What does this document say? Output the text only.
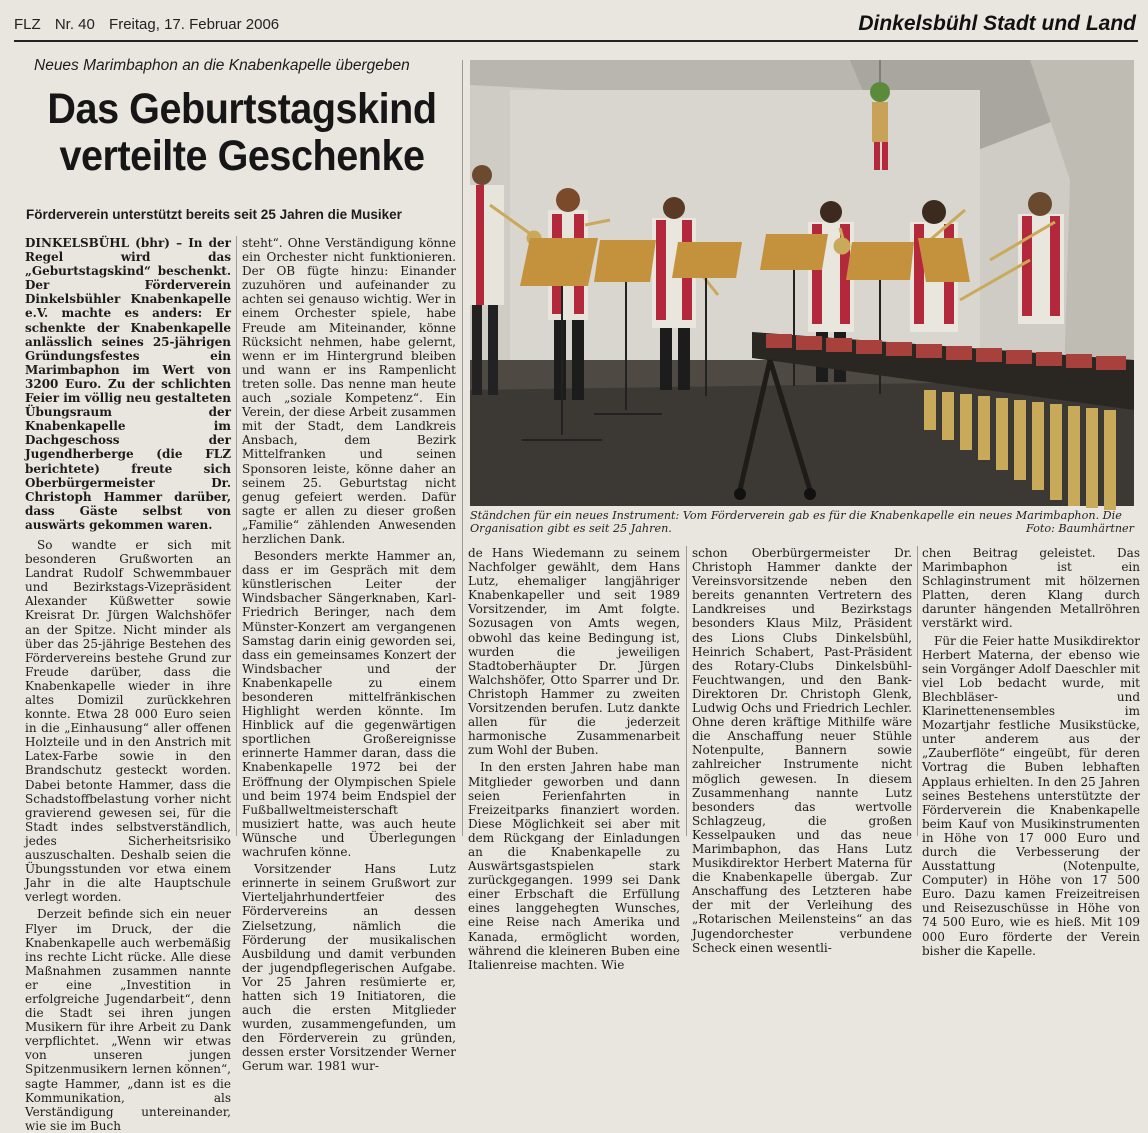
FLZ Nr. 40 Freitag, 17. Februar 2006	Dinkelsbühl Stadt und Land
Neues Marimbaphon an die Knabenkapelle übergeben
Das Geburtstagskind
verteilte Geschenke
Förderverein unterstützt bereits seit 25 Jahren die Musiker

DINKELSBÜHL (bhr) – In der Regel wird das „Geburtstagskind“ beschenkt. Der Förderverein Dinkelsbühler Knabenkapelle e.V. machte es anders: Er schenkte der Knabenkapelle anlässlich seines 25-jährigen Gründungsfestes ein Marimbaphon im Wert von 3200 Euro. Zu der schlichten Feier im völlig neu gestalteten Übungsraum der Knabenkapelle im Dachgeschoss der Jugendherberge (die FLZ berichtete) freute sich Oberbürgermeister Dr. Christoph Hammer darüber, dass Gäste selbst von auswärts gekommen waren.

So wandte er sich mit besonderen Grußworten an Landrat Rudolf Schwemmbauer und Bezirkstags-Vizepräsident Alexander Küßwetter sowie Kreisrat Dr. Jürgen Walchshöfer an der Spitze. Nicht minder als über das 25-jährige Bestehen des Fördervereins bestehe Grund zur Freude darüber, dass die Knabenkapelle wieder in ihre altes Domizil zurückkehren konnte. Etwa 28 000 Euro seien in die „Einhausung“ aller offenen Holzteile und in den Anstrich mit Latex-Farbe sowie in den Brandschutz gesteckt worden. Dabei betonte Hammer, dass die Schadstoffbelastung vorher nicht gravierend gewesen sei, für die Stadt indes selbstverständlich, jedes Sicherheitsrisiko auszuschalten. Deshalb seien die Übungsstunden vor etwa einem Jahr in die alte Hauptschule verlegt worden.

Derzeit befinde sich ein neuer Flyer im Druck, der die Knabenkapelle auch werbemäßig ins rechte Licht rücke. Alle diese Maßnahmen zusammen nannte er eine „Investition in erfolgreiche Jugendarbeit“, denn die Stadt sei ihren jungen Musikern für ihre Arbeit zu Dank verpflichtet. „Wenn wir etwas von unseren jungen Spitzenmusikern lernen können“, sagte Hammer, „dann ist es die Kommunikation, als Verständigung untereinander, wie sie im Buch

steht“. Ohne Verständigung könne ein Orchester nicht funktionieren. Der OB fügte hinzu: Einander zuzuhören und aufeinander zu achten sei genauso wichtig. Wer in einem Orchester spiele, habe Freude am Miteinander, könne Rücksicht nehmen, habe gelernt, wenn er im Hintergrund bleiben und wann er ins Rampenlicht treten solle. Das nenne man heute auch „soziale Kompetenz“. Ein Verein, der diese Arbeit zusammen mit der Stadt, dem Landkreis Ansbach, dem Bezirk Mittelfranken und seinen Sponsoren leiste, könne daher an seinem 25. Geburtstag nicht genug gefeiert werden. Dafür sagte er allen zu dieser großen „Familie“ zählenden Anwesenden herzlichen Dank.

Besonders merkte Hammer an, dass er im Gespräch mit dem künstlerischen Leiter der Windsbacher Sängerknaben, Karl-Friedrich Beringer, nach dem Münster-Konzert am vergangenen Samstag darin einig geworden sei, dass ein gemeinsames Konzert der Windsbacher und der Knabenkapelle zu einem besonderen mittelfränkischen Highlight werden könnte. Im Hinblick auf die gegenwärtigen sportlichen Großereignisse erinnerte Hammer daran, dass die Knabenkapelle 1972 bei der Eröffnung der Olympischen Spiele und beim 1974 beim Endspiel der Fußballweltmeisterschaft musiziert hatte, was auch heute Wünsche und Überlegungen wachrufen könne.

Vorsitzender Hans Lutz erinnerte in seinem Grußwort zur Vierteljahrhundertfeier des Fördervereins an dessen Zielsetzung, nämlich die Förderung der musikalischen Ausbildung und damit verbunden der jugendpflegerischen Aufgabe. Vor 25 Jahren resümierte er, hatten sich 19 Initiatoren, die auch die ersten Mitglieder wurden, zusammengefunden, um den Förderverein zu gründen, dessen erster Vorsitzender Werner Gerum war. 1981 wur-

Ständchen für ein neues Instrument: Vom Förderverein gab es für die Knabenkapelle ein neues Marimbaphon. Die Organisation gibt es seit 25 Jahren.	Foto: Baumhärtner

de Hans Wiedemann zu seinem Nachfolger gewählt, dem Hans Lutz, ehemaliger langjähriger Knabenkapeller und seit 1989 Vorsitzender, im Amt folgte. Sozusagen von Amts wegen, obwohl das keine Bedingung ist, wurden die jeweiligen Stadtoberhäupter Dr. Jürgen Walchshöfer, Otto Sparrer und Dr. Christoph Hammer zu zweiten Vorsitzenden berufen. Lutz dankte allen für die jederzeit harmonische Zusammenarbeit zum Wohl der Buben.

In den ersten Jahren habe man Mitglieder geworben und dann seien Ferienfahrten in Freizeitparks finanziert worden. Diese Möglichkeit sei aber mit dem Rückgang der Einladungen an die Knabenkapelle zu Auswärtsgastspielen stark zurückgegangen. 1999 sei Dank einer Erbschaft die Erfüllung eines langgehegten Wunsches, eine Reise nach Amerika und Kanada, ermöglicht worden, während die kleineren Buben eine Italienreise machten. Wie

schon Oberbürgermeister Dr. Christoph Hammer dankte der Vereinsvorsitzende neben den bereits genannten Vertretern des Landkreises und Bezirkstags besonders Klaus Milz, Präsident des Lions Clubs Dinkelsbühl, Heinrich Schabert, Past-Präsident des Rotary-Clubs Dinkelsbühl-Feuchtwangen, und den Bank-Direktoren Dr. Christoph Glenk, Ludwig Ochs und Friedrich Lechler. Ohne deren kräftige Mithilfe wäre die Anschaffung neuer Stühle Notenpulte, Bannern sowie zahlreicher Instrumente nicht möglich gewesen. In diesem Zusammenhang nannte Lutz besonders das wertvolle Schlagzeug, die großen Kesselpauken und das neue Marimbaphon, das Hans Lutz Musikdirektor Herbert Materna für die Knabenkapelle übergab. Zur Anschaffung des Letzteren habe der mit der Verleihung des „Rotarischen Meilensteins“ an das Jugendorchester verbundene Scheck einen wesentli-

chen Beitrag geleistet. Das Marimbaphon ist ein Schlaginstrument mit hölzernen Platten, deren Klang durch darunter hängenden Metallröhren verstärkt wird.

Für die Feier hatte Musikdirektor Herbert Materna, der ebenso wie sein Vorgänger Adolf Daeschler mit viel Lob bedacht wurde, mit Blechbläser- und Klarinettenensembles im Mozartjahr festliche Musikstücke, unter anderem aus der „Zauberflöte“ eingeübt, für deren Vortrag die Buben lebhaften Applaus erhielten. In den 25 Jahren seines Bestehens unterstützte der Förderverein die Knabenkapelle beim Kauf von Musikinstrumenten in Höhe von 17 000 Euro und durch die Verbesserung der Ausstattung (Notenpulte, Computer) in Höhe von 17 500 Euro. Dazu kamen Freizeitreisen und Reisezuschüsse in Höhe von 74 500 Euro, wie es hieß. Mit 109 000 Euro förderte der Verein bisher die Kapelle.
